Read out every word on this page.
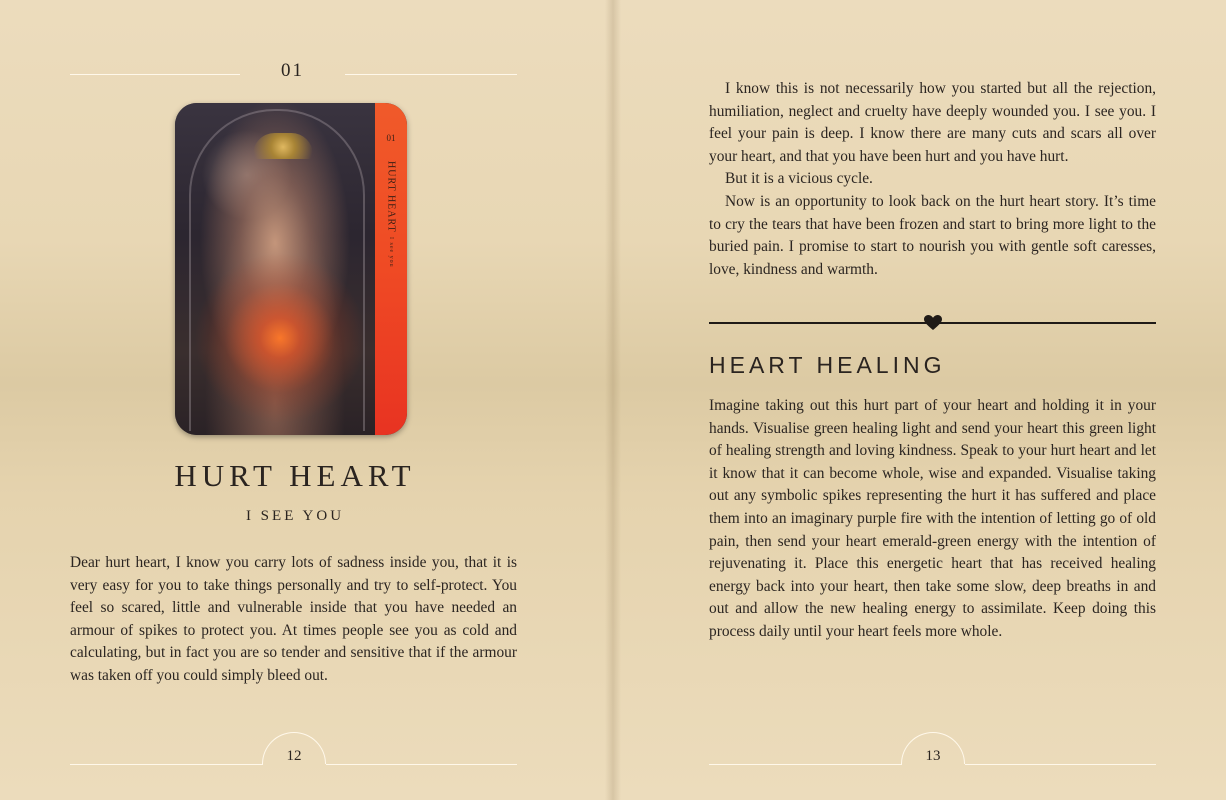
01
01
HURT HEART
I see you
HURT HEART
I SEE YOU

Dear hurt heart, I know you carry lots of sadness inside you, that it is very easy for you to take things personally and try to self-protect. You feel so scared, little and vulnerable inside that you have needed an armour of spikes to protect you. At times people see you as cold and calculating, but in fact you are so tender and sensitive that if the armour was taken off you could simply bleed out.

12

I know this is not necessarily how you started but all the rejection, humiliation, neglect and cruelty have deeply wounded you. I see you. I feel your pain is deep. I know there are many cuts and scars all over your heart, and that you have been hurt and you have hurt.

But it is a vicious cycle.

Now is an opportunity to look back on the hurt heart story. It’s time to cry the tears that have been frozen and start to bring more light to the buried pain. I promise to start to nourish you with gentle soft caresses, love, kindness and warmth.

HEART HEALING

Imagine taking out this hurt part of your heart and holding it in your hands. Visualise green healing light and send your heart this green light of healing strength and loving kindness. Speak to your hurt heart and let it know that it can become whole, wise and expanded. Visualise taking out any symbolic spikes representing the hurt it has suffered and place them into an imaginary purple fire with the intention of letting go of old pain, then send your heart emerald-green energy with the intention of rejuvenating it. Place this energetic heart that has received healing energy back into your heart, then take some slow, deep breaths in and out and allow the new healing energy to assimilate. Keep doing this process daily until your heart feels more whole.

13
